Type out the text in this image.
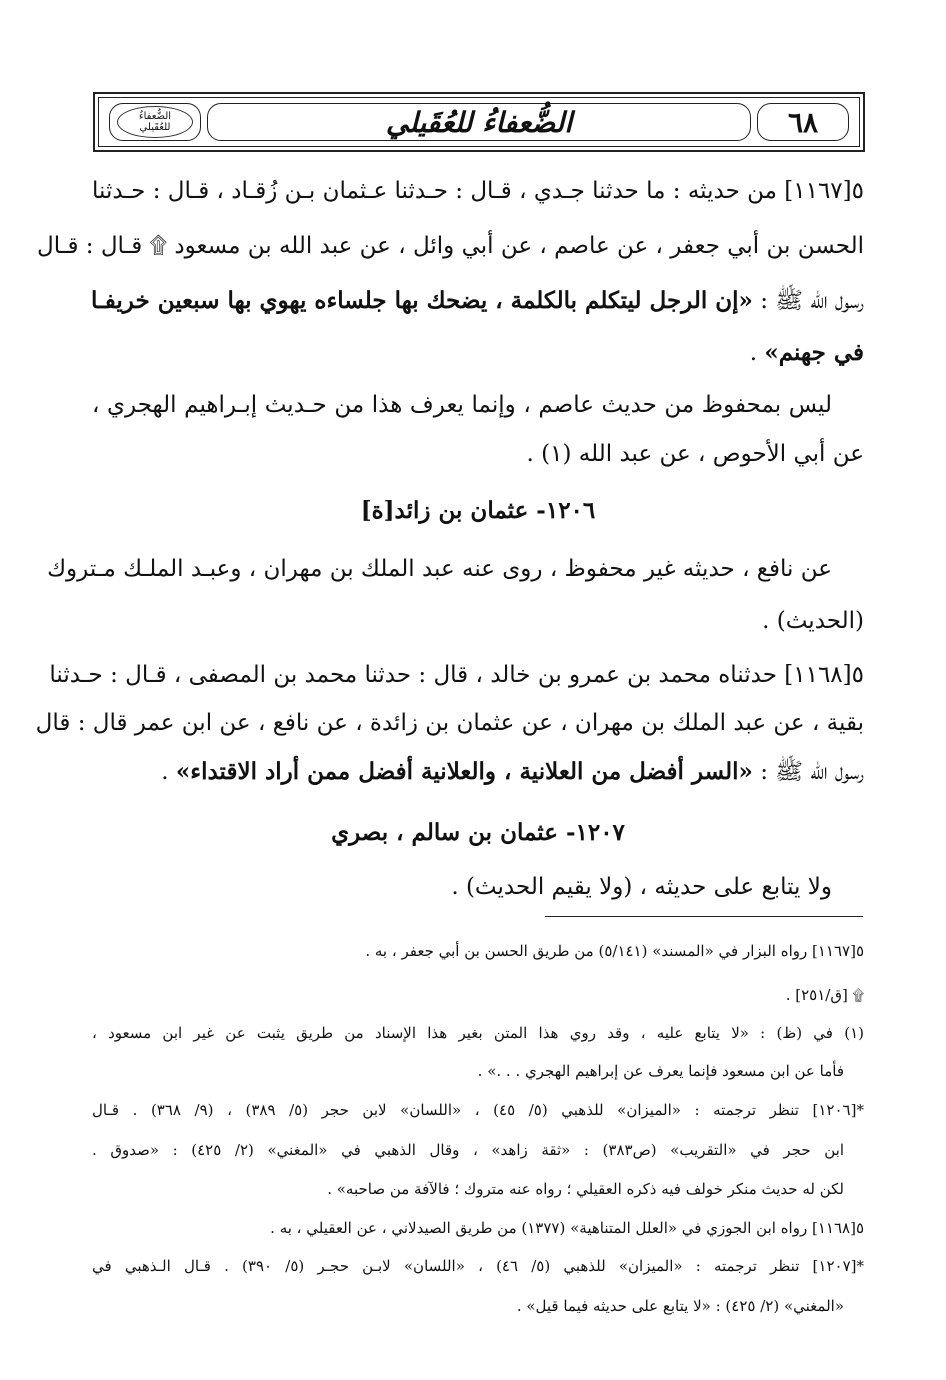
٦٨
الضُّعفاءُ للعُقَيلي
الضُّعفاءُ
للعُقَيلي
٥[١١٦٧] من حديثه : ما حدثنا جـدي ، قـال : حـدثنا عـثمان بـن زُقـاد ، قـال : حـدثنا
الحسن بن أبي جعفر ، عن عاصم ، عن أبي وائل ، عن عبد الله بن مسعود ۩ قـال : قـال
رسول الله ﷺ : «إن الرجل ليتكلم بالكلمة ، يضحك بها جلساءه يهوي بها سبعين خريفـا
في جهنم» .
ليس بمحفوظ من حديث عاصم ، وإنما يعرف هذا من حـديث إبـراهيم الهجري ،
عن أبي الأحوص ، عن عبد الله (١) .
١٢٠٦- عثمان بن زائد[ة]
عن نافع ، حديثه غير محفوظ ، روى عنه عبد الملك بن مهران ، وعبـد الملـك مـتروك
(الحديث) .
٥[١١٦٨] حدثناه محمد بن عمرو بن خالد ، قال : حدثنا محمد بن المصفى ، قـال : حـدثنا
بقية ، عن عبد الملك بن مهران ، عن عثمان بن زائدة ، عن نافع ، عن ابن عمر قال : قال
رسول الله ﷺ : «السر أفضل من العلانية ، والعلانية أفضل ممن أراد الاقتداء» .
١٢٠٧- عثمان بن سالم ، بصري
ولا يتابع على حديثه ، (ولا يقيم الحديث) .
٥[١١٦٧] رواه البزار في «المسند» (٥/١٤١) من طريق الحسن بن أبي جعفر ، به .
۩ [ق/٢٥١] .
(١) في (ظ) : «لا يتابع عليه ، وقد روي هذا المتن بغير هذا الإسناد من طريق يثبت عن غير ابن مسعود ،
فأما عن ابن مسعود فإنما يعرف عن إبراهيم الهجري . . .» .
*[١٢٠٦] تنظر ترجمته : «الميزان» للذهبي (٥/ ٤٥) ، «اللسان» لابن حجر (٥/ ٣٨٩) ، (٩/ ٣٦٨) . قـال
ابن حجر في «التقريب» (ص٣٨٣) : «ثقة زاهد» ، وقال الذهبي في «المغني» (٢/ ٤٢٥) : «صدوق .
لكن له حديث منكر خولف فيه ذكره العقيلي ؛ رواه عنه متروك ؛ فالآفة من صاحبه» .
٥[١١٦٨] رواه ابن الجوزي في «العلل المتناهية» (١٣٧٧) من طريق الصيدلاني ، عن العقيلي ، به .
*[١٢٠٧] تنظر ترجمته : «الميزان» للذهبي (٥/ ٤٦) ، «اللسان» لابـن حجـر (٥/ ٣٩٠) . قـال الـذهبي في
«المغني» (٢/ ٤٢٥) : «لا يتابع على حديثه فيما قيل» .
